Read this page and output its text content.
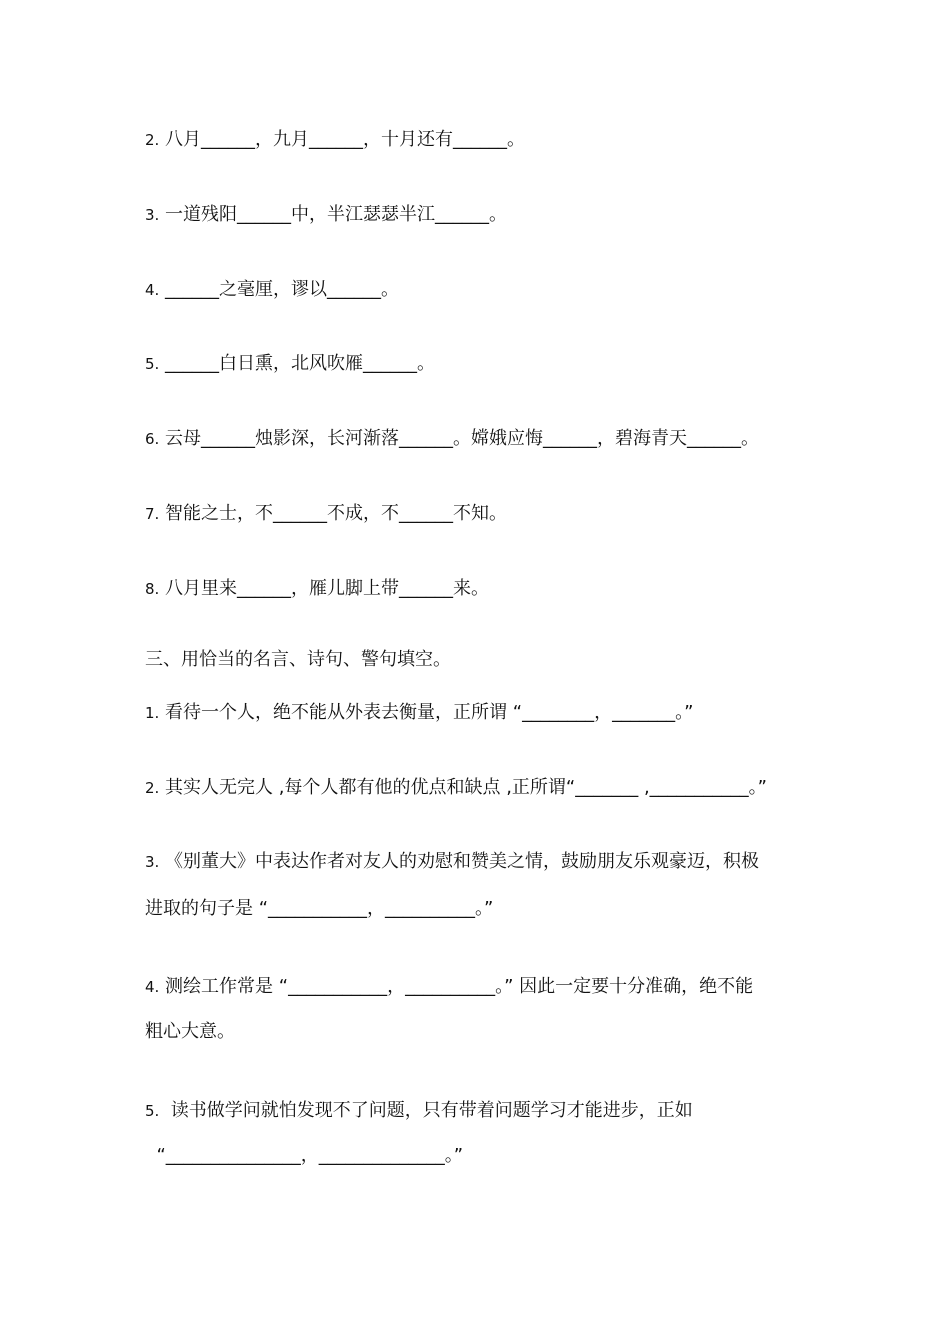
2. 八月______，九月______，十月还有______。
3. 一道残阳______中，半江瑟瑟半江______。
4. ______之毫厘，谬以______。
5. ______白日熏，北风吹雁______。
6. 云母______烛影深，长河渐落______。嫦娥应悔______，碧海青天______。
7. 智能之士，不______不成，不______不知。
8. 八月里来______，雁儿脚上带______来。
三、用恰当的名言、诗句、警句填空。
1. 看待一个人，绝不能从外表去衡量，正所谓 “________，_______。”
2. 其实人无完人 ,每个人都有他的优点和缺点 ,正所谓“_______ ,___________。”
3. 《别董大》中表达作者对友人的劝慰和赞美之情，鼓励朋友乐观豪迈，积极
进取的句子是 “___________，__________。”
4. 测绘工作常是 “___________，__________。” 因此一定要十分准确，绝不能
粗心大意。
5.  读书做学问就怕发现不了问题，只有带着问题学习才能进步，正如
“_______________，______________。”
